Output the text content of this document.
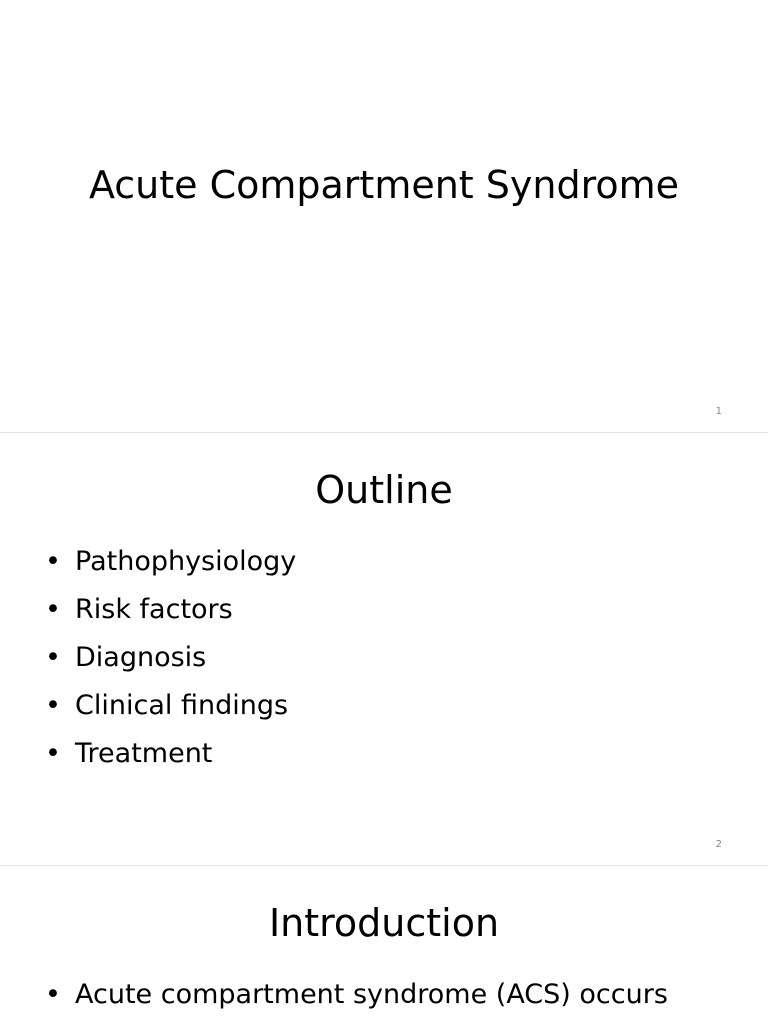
Acute Compartment Syndrome
1
Outline
• Pathophysiology
• Risk factors
• Diagnosis
• Clinical findings
• Treatment
2
Introduction
• Acute compartment syndrome (ACS) occurs
